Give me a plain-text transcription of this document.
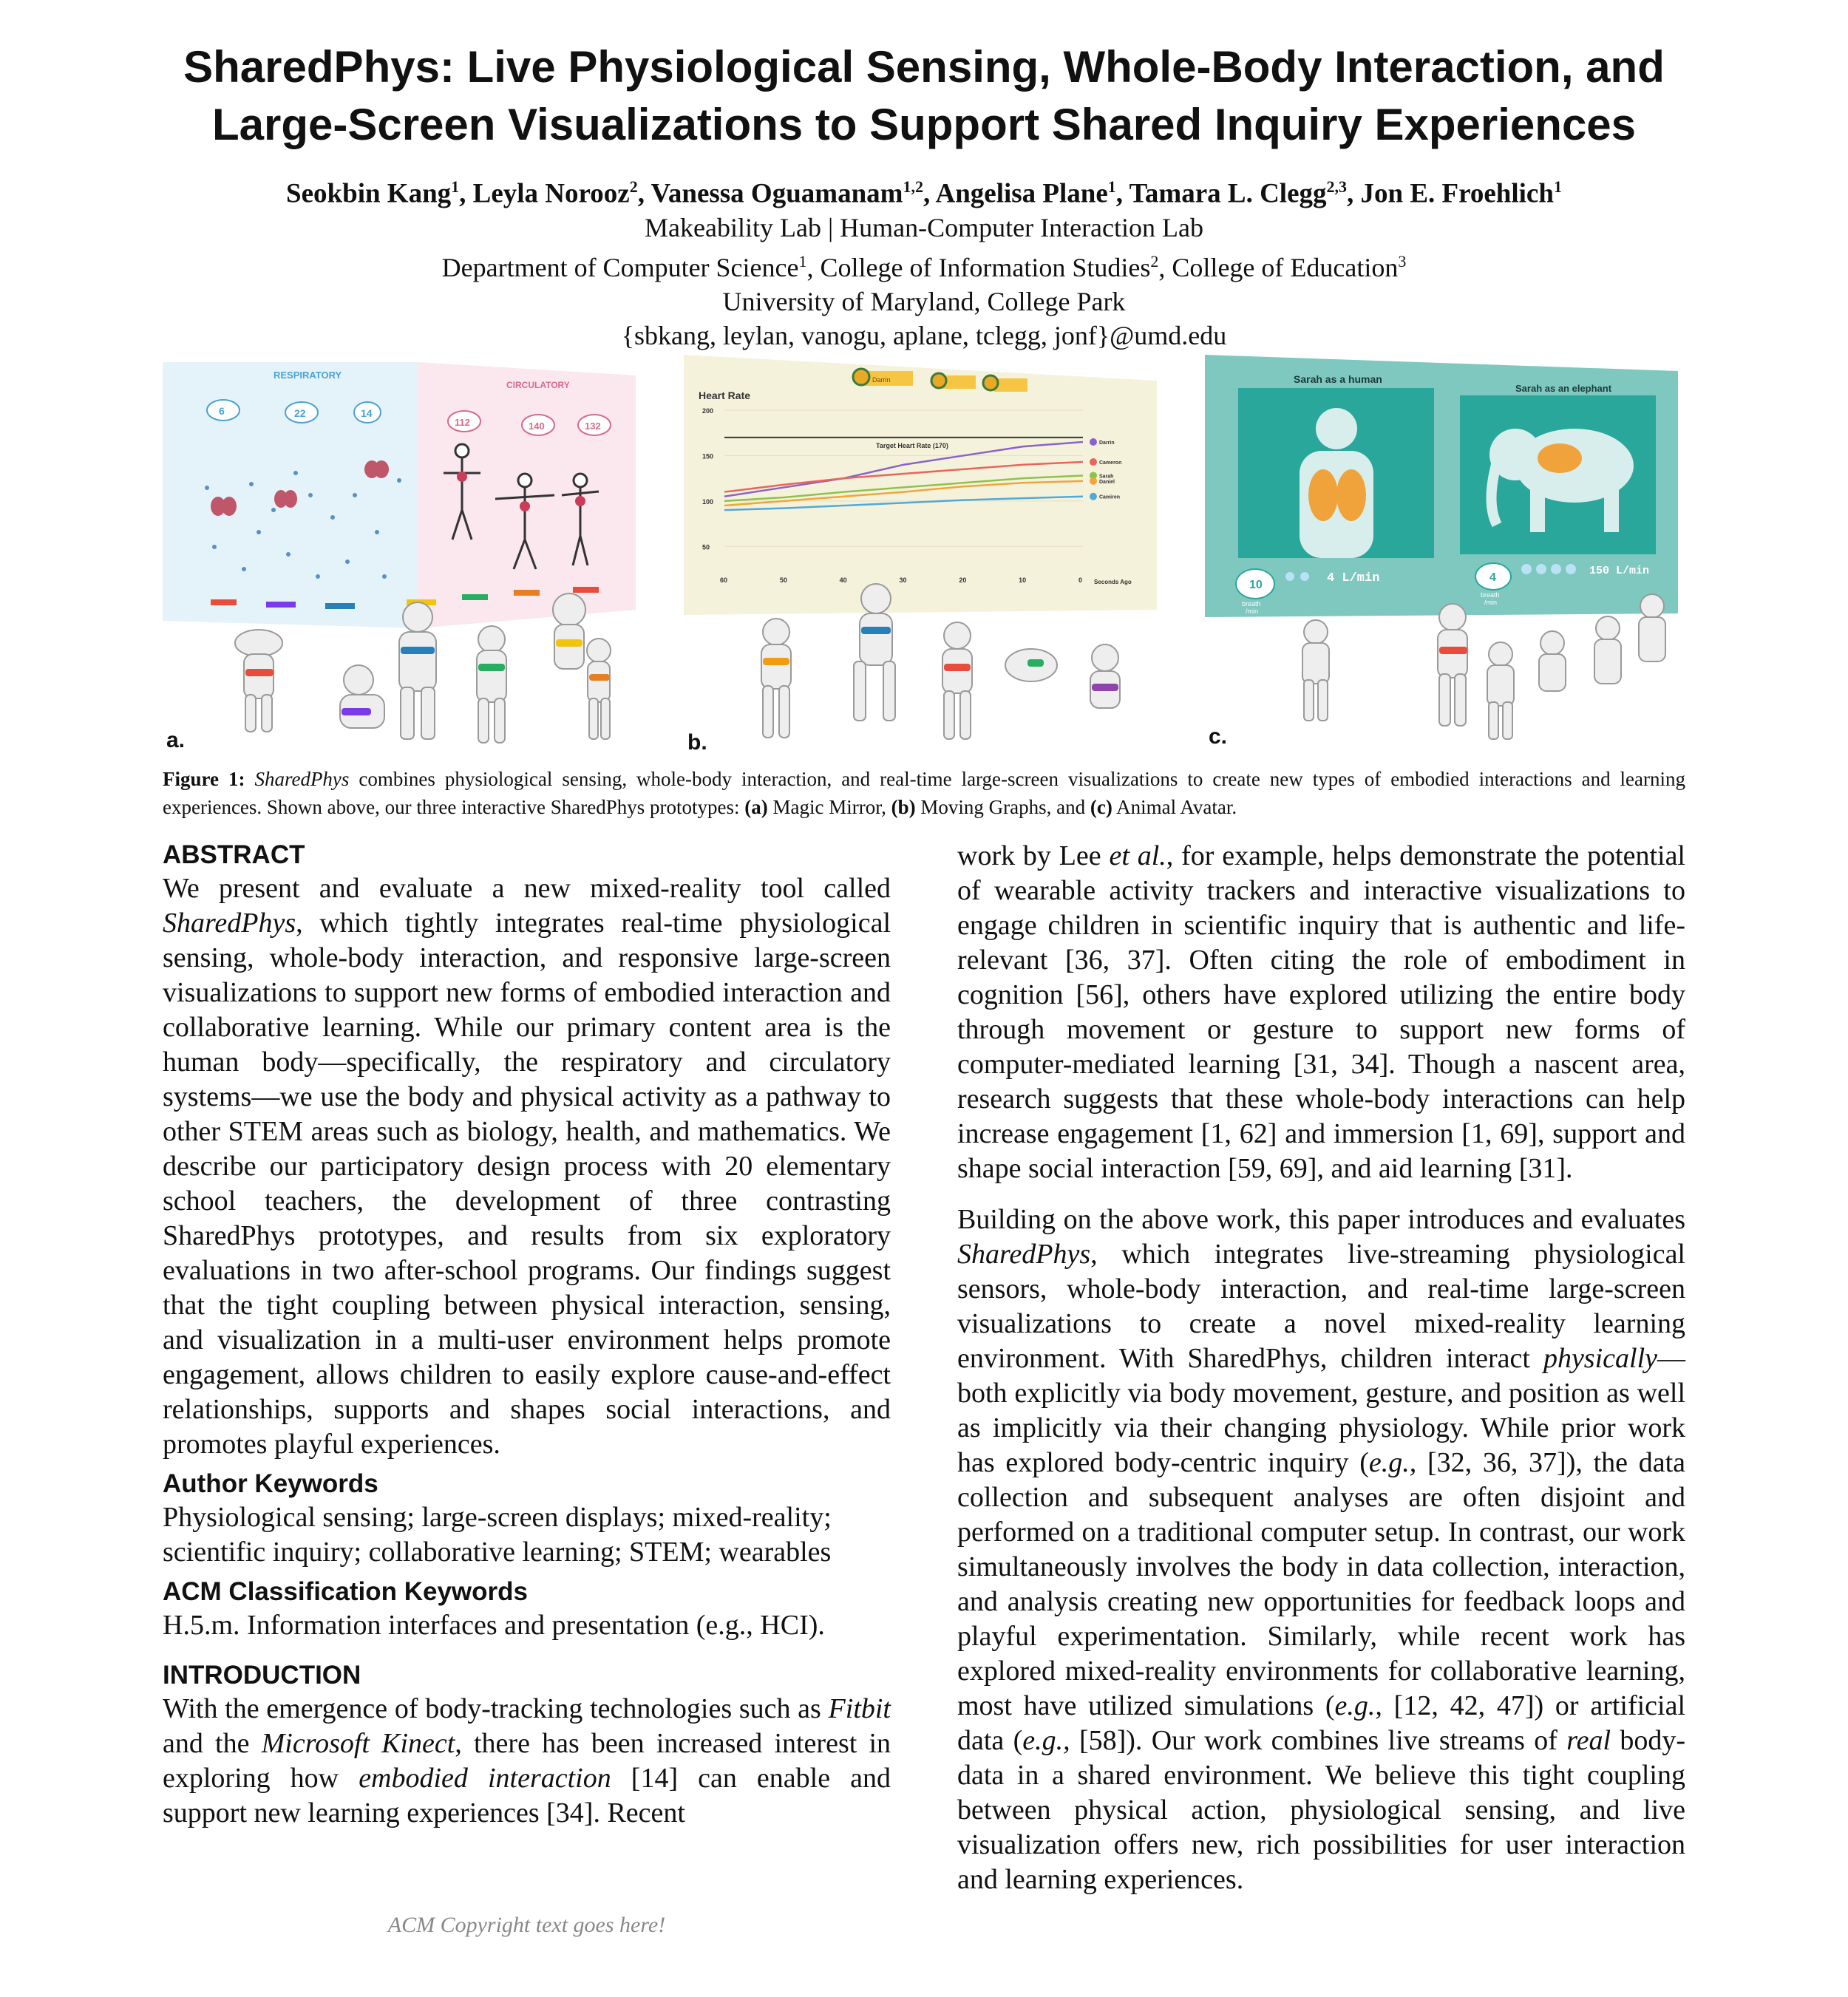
SharedPhys: Live Physiological Sensing, Whole-Body Interaction, and Large-Screen Visualizations to Support Shared Inquiry Experiences
Seokbin Kang$^1$, Leyla Norooz$^2$, Vanessa Oguamanam$^{1,2}$, Angelisa Plane$^1$, Tamara L. Clegg$^{2,3}$, Jon E. Froehlich$^1$
Makeability Lab | Human-Computer Interaction Lab
Department of Computer Science$^1$, College of Information Studies$^2$, College of Education$^3$
University of Maryland, College Park
{sbkang, leylan, vanogu, aplane, tclegg, jonf}@umd.edu
RESPIRATORY
CIRCULATORY
6	22	14
112	140	132
a.
Heart Rate
Darrin
50
100
150
200
60	50	40	30	20	10	0
Darrin
Cameron
Sarah
Daniel
Camiren
Target Heart Rate (170)
Seconds Ago
b.
Sarah as a human
Sarah as an elephant
10
breath
/min
4 L/min	4
breath
/min
150 L/min
c.
Figure 1: SharedPhys combines physiological sensing, whole-body interaction, and real-time large-screen visualizations to create new types of embodied interactions and learning experiences. Shown above, our three interactive SharedPhys prototypes: (a) Magic Mirror, (b) Moving Graphs, and (c) Animal Avatar.
ABSTRACT

We present and evaluate a new mixed-reality tool called SharedPhys, which tightly integrates real-time physiological sensing, whole-body interaction, and responsive large-screen visualizations to support new forms of embodied interaction and collaborative learning. While our primary content area is the human body—specifically, the respiratory and circulatory systems—we use the body and physical activity as a pathway to other STEM areas such as biology, health, and mathematics. We describe our participatory design process with 20 elementary school teachers, the development of three contrasting SharedPhys prototypes, and results from six exploratory evaluations in two after-school programs. Our findings suggest that the tight coupling between physical interaction, sensing, and visualization in a multi-user environment helps promote engagement, allows children to easily explore cause-and-effect relationships, supports and shapes social interactions, and promotes playful experiences.

Author Keywords

Physiological sensing; large-screen displays; mixed-reality; scientific inquiry; collaborative learning; STEM; wearables

ACM Classification Keywords

H.5.m. Information interfaces and presentation (e.g., HCI).

INTRODUCTION

With the emergence of body-tracking technologies such as Fitbit and the Microsoft Kinect, there has been increased interest in exploring how embodied interaction [14] can enable and support new learning experiences [34]. Recent

work by Lee et al., for example, helps demonstrate the potential of wearable activity trackers and interactive visualizations to engage children in scientific inquiry that is authentic and life-relevant [36, 37]. Often citing the role of embodiment in cognition [56], others have explored utilizing the entire body through movement or gesture to support new forms of computer-mediated learning [31, 34]. Though a nascent area, research suggests that these whole-body interactions can help increase engagement [1, 62] and immersion [1, 69], support and shape social interaction [59, 69], and aid learning [31].

Building on the above work, this paper introduces and evaluates SharedPhys, which integrates live-streaming physiological sensors, whole-body interaction, and real-time large-screen visualizations to create a novel mixed-reality learning environment. With SharedPhys, children interact physically—both explicitly via body movement, gesture, and position as well as implicitly via their changing physiology. While prior work has explored body-centric inquiry (e.g., [32, 36, 37]), the data collection and subsequent analyses are often disjoint and performed on a traditional computer setup. In contrast, our work simultaneously involves the body in data collection, interaction, and analysis creating new opportunities for feedback loops and playful experimentation. Similarly, while recent work has explored mixed-reality environments for collaborative learning, most have utilized simulations (e.g., [12, 42, 47]) or artificial data (e.g., [58]). Our work combines live streams of real body-data in a shared environment. We believe this tight coupling between physical action, physiological sensing, and live visualization offers new, rich possibilities for user interaction and learning experiences.

ACM Copyright text goes here!
